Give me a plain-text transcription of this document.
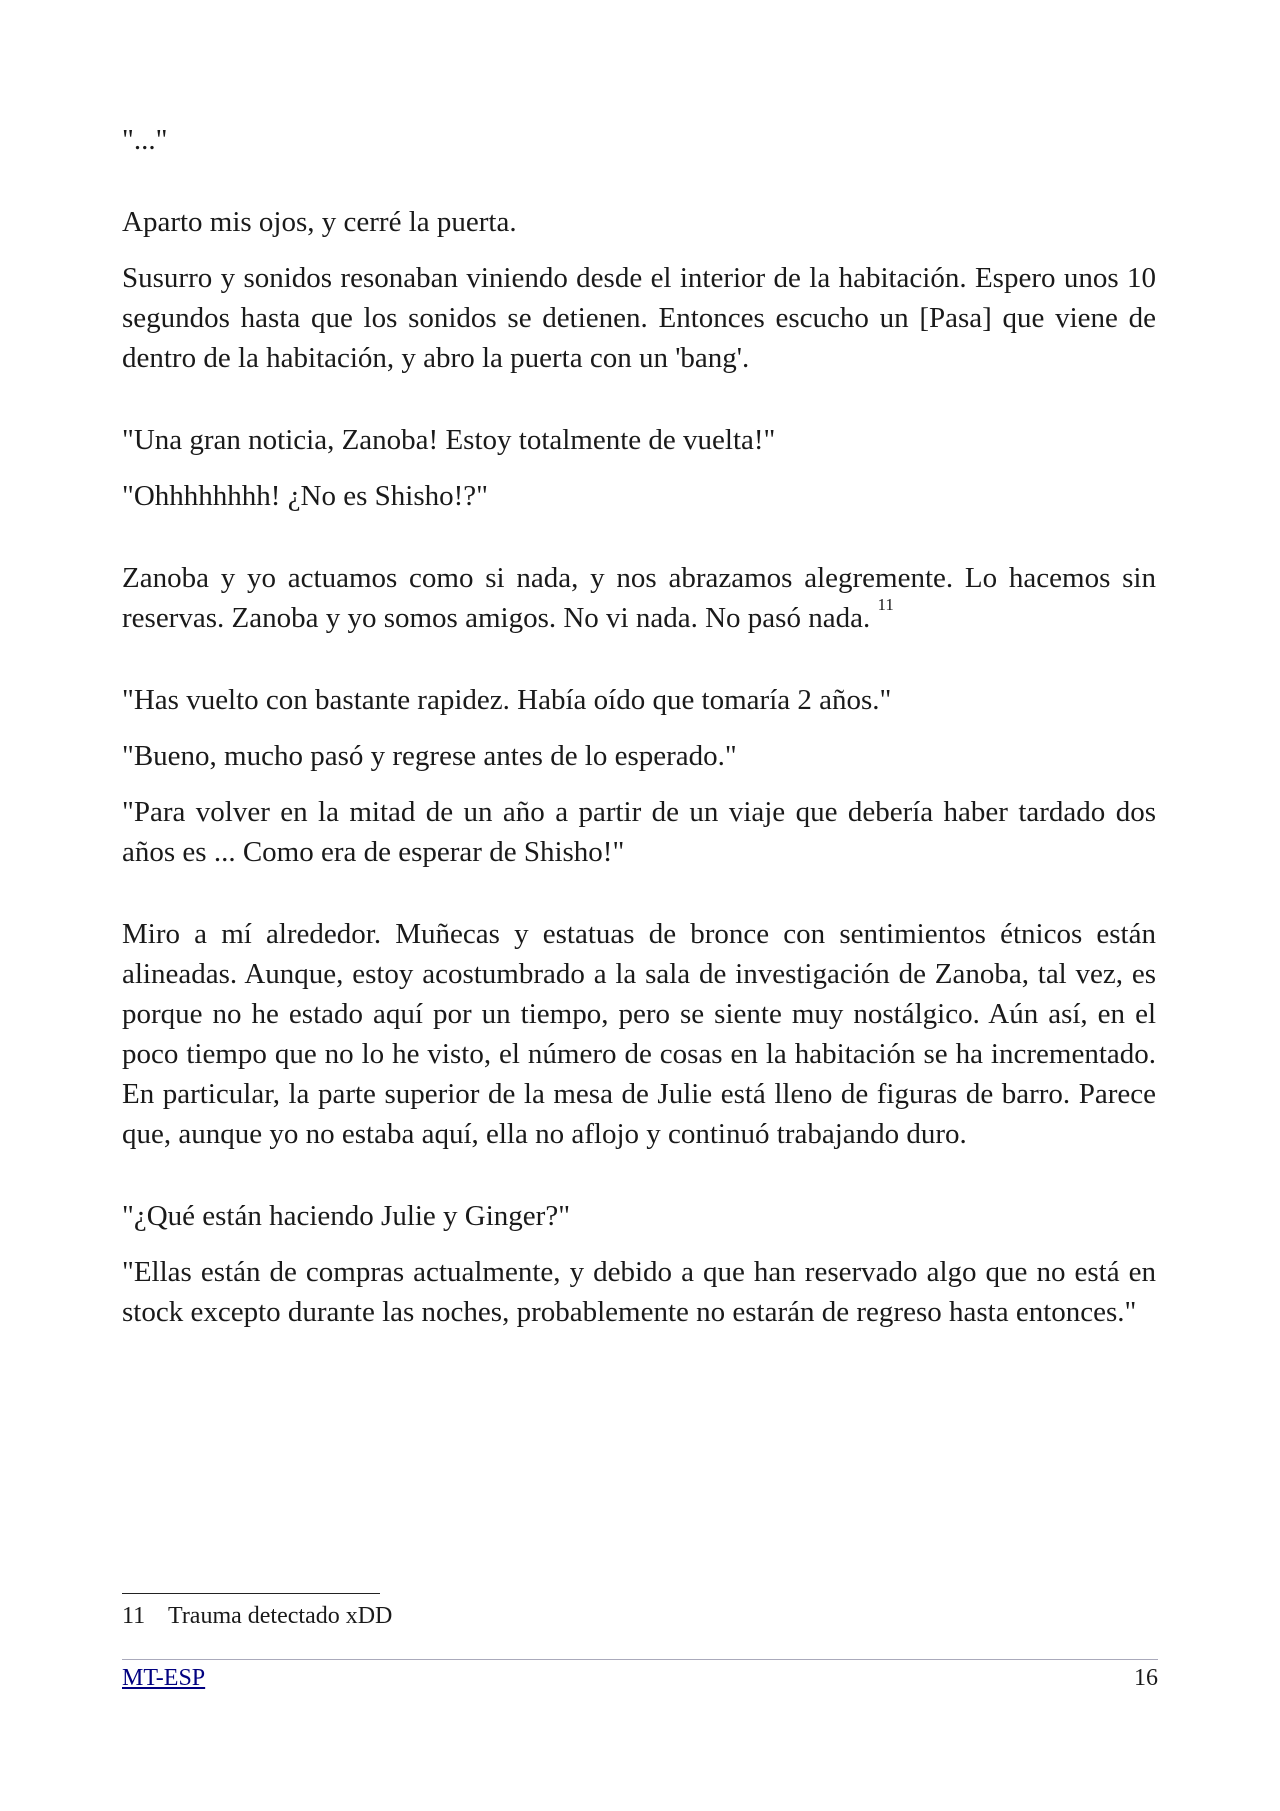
"..."

Aparto mis ojos, y cerré la puerta.

Susurro y sonidos resonaban viniendo desde el interior de la habitación. Espero unos 10 segundos hasta que los sonidos se detienen. Entonces escucho un [Pasa] que viene de dentro de la habitación, y abro la puerta con un 'bang'.

"Una gran noticia, Zanoba! Estoy totalmente de vuelta!"

"Ohhhhhhhh! ¿No es Shisho!?"

Zanoba y yo actuamos como si nada, y nos abrazamos alegremente. Lo hacemos sin reservas. Zanoba y yo somos amigos. No vi nada. No pasó nada. $^{11}$

"Has vuelto con bastante rapidez. Había oído que tomaría 2 años."

"Bueno, mucho pasó y regrese antes de lo esperado."

"Para volver en la mitad de un año a partir de un viaje que debería haber tardado dos años es ... Como era de esperar de Shisho!"

Miro a mí alrededor. Muñecas y estatuas de bronce con sentimientos étnicos están alineadas. Aunque, estoy acostumbrado a la sala de investigación de Zanoba, tal vez, es porque no he estado aquí por un tiempo, pero se siente muy nostálgico. Aún así, en el poco tiempo que no lo he visto, el número de cosas en la habitación se ha incrementado. En particular, la parte superior de la mesa de Julie está lleno de figuras de barro. Parece que, aunque yo no estaba aquí, ella no aflojo y continuó trabajando duro.

"¿Qué están haciendo Julie y Ginger?"

"Ellas están de compras actualmente, y debido a que han reservado algo que no está en stock excepto durante las noches, probablemente no estarán de regreso hasta entonces."

11 Trauma detectado xDD
MT-ESP	16
